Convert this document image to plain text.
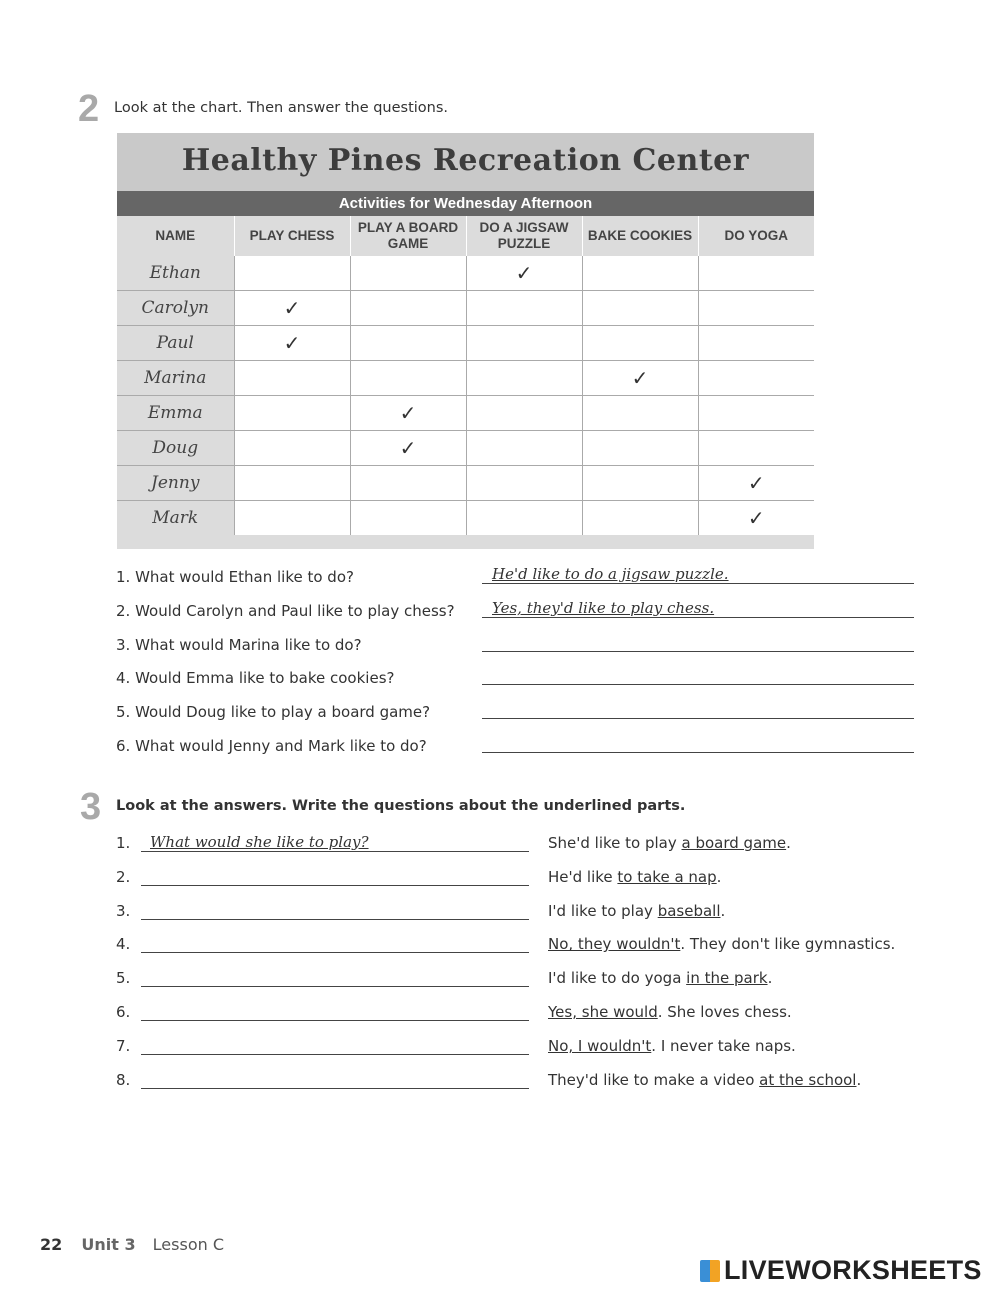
2 Look at the chart. Then answer the questions.
Healthy Pines Recreation Center
Activities for Wednesday Afternoon
NAME	PLAY CHESS	PLAY A BOARD GAME	DO A JIGSAW PUZZLE	BAKE COOKIES	DO YOGA
Ethan			✓		
Carolyn	✓				
Paul	✓				
Marina				✓	
Emma		✓			
Doug		✓			
Jenny					✓
Mark					✓
1. What would Ethan like to do?	He'd like to do a jigsaw puzzle.
2. Would Carolyn and Paul like to play chess? Yes, they'd like to play chess.
3. What would Marina like to do?
4. Would Emma like to bake cookies?
5. Would Doug like to play a board game?
6. What would Jenny and Mark like to do?
3 Look at the answers. Write the questions about the underlined parts.
1. What would she like to play?	She'd like to play a board game.
2.	He'd like to take a nap.
3.	I'd like to play baseball.
4.	No, they wouldn't. They don't like gymnastics.
5.	I'd like to do yoga in the park.
6.	Yes, she would. She loves chess.
7.	No, I wouldn't. I never take naps.
8.	They'd like to make a video at the school.
22 Unit 3 Lesson C
LIVEWORKSHEETS
